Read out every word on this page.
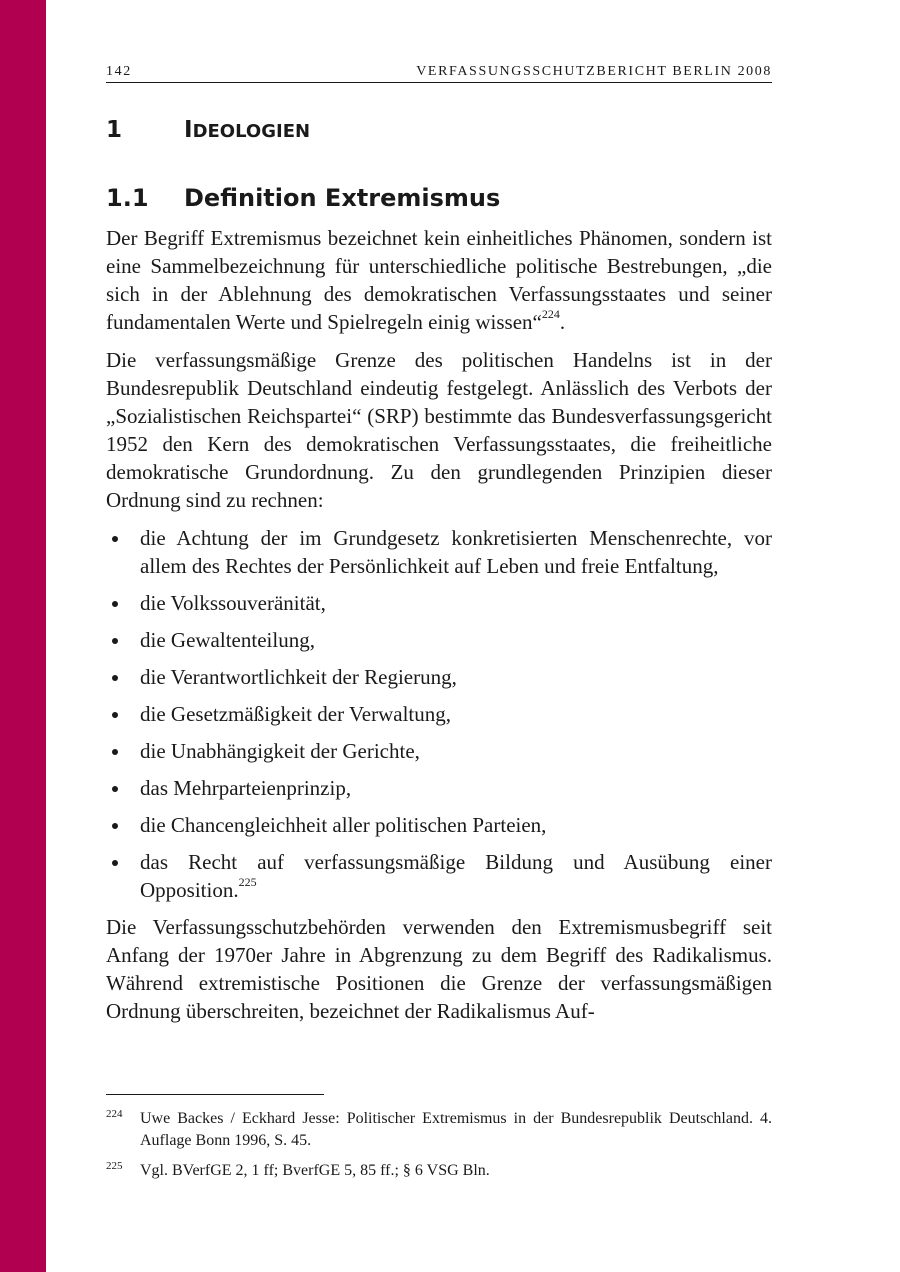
142	VERFASSUNGSSCHUTZBERICHT BERLIN 2008
1	IDEOLOGIEN
1.1	Definition Extremismus

Der Begriff Extremismus bezeichnet kein einheitliches Phänomen, sondern ist eine Sammelbezeichnung für unterschiedliche politische Bestrebungen, „die sich in der Ablehnung des demokratischen Verfassungsstaates und seiner fundamentalen Werte und Spielregeln einig wissen“$^{224}$.

Die verfassungsmäßige Grenze des politischen Handelns ist in der Bundesrepublik Deutschland eindeutig festgelegt. Anlässlich des Verbots der „Sozialistischen Reichspartei“ (SRP) bestimmte das Bundesverfassungsgericht 1952 den Kern des demokratischen Verfassungsstaates, die freiheitliche demokratische Grundordnung. Zu den grundlegenden Prinzipien dieser Ordnung sind zu rechnen:

die Achtung der im Grundgesetz konkretisierten Menschenrechte, vor allem des Rechtes der Persönlichkeit auf Leben und freie Entfaltung,
die Volkssouveränität,
die Gewaltenteilung,
die Verantwortlichkeit der Regierung,
die Gesetzmäßigkeit der Verwaltung,
die Unabhängigkeit der Gerichte,
das Mehrparteienprinzip,
die Chancengleichheit aller politischen Parteien,
das Recht auf verfassungsmäßige Bildung und Ausübung einer Opposition.$^{225}$

Die Verfassungsschutzbehörden verwenden den Extremismusbegriff seit Anfang der 1970er Jahre in Abgrenzung zu dem Begriff des Radikalismus. Während extremistische Positionen die Grenze der verfassungsmäßigen Ordnung überschreiten, bezeichnet der Radikalismus Auf-

224 Uwe Backes / Eckhard Jesse: Politischer Extremismus in der Bundesrepublik Deutschland. 4. Auflage Bonn 1996, S. 45.
225 Vgl. BVerfGE 2, 1 ff; BverfGE 5, 85 ff.; § 6 VSG Bln.
